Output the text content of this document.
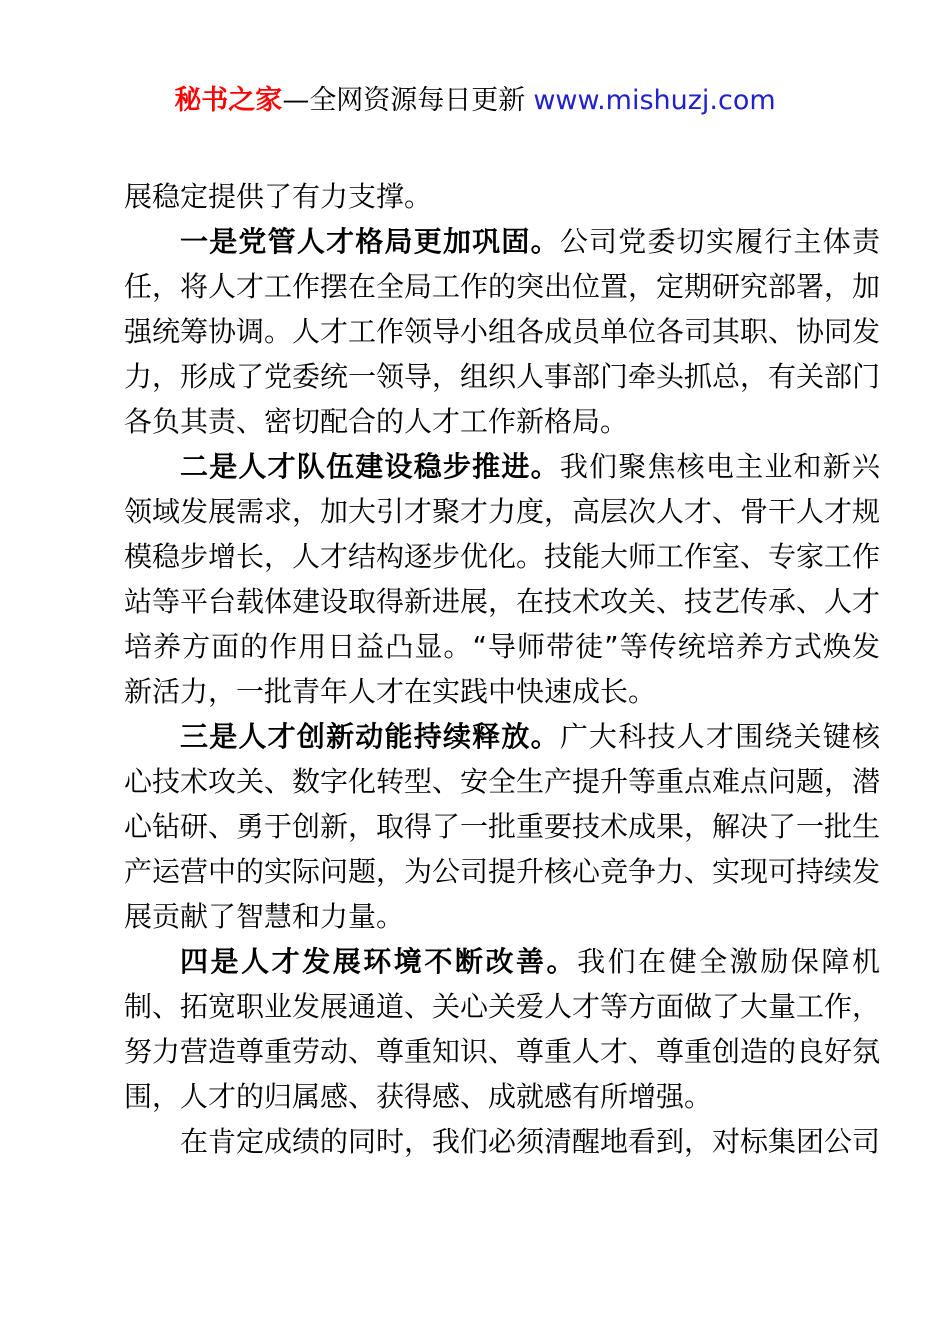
秘书之家—全网资源每日更新 www.mishuzj.com

展稳定提供了有力支撑。

一是党管人才格局更加巩固。公司党委切实履行主体责任，将人才工作摆在全局工作的突出位置，定期研究部署，加强统筹协调。人才工作领导小组各成员单位各司其职、协同发力，形成了党委统一领导，组织人事部门牵头抓总，有关部门各负其责、密切配合的人才工作新格局。

二是人才队伍建设稳步推进。我们聚焦核电主业和新兴领域发展需求，加大引才聚才力度，高层次人才、骨干人才规模稳步增长，人才结构逐步优化。技能大师工作室、专家工作站等平台载体建设取得新进展，在技术攻关、技艺传承、人才培养方面的作用日益凸显。“导师带徒”等传统培养方式焕发新活力，一批青年人才在实践中快速成长。

三是人才创新动能持续释放。广大科技人才围绕关键核心技术攻关、数字化转型、安全生产提升等重点难点问题，潜心钻研、勇于创新，取得了一批重要技术成果，解决了一批生产运营中的实际问题，为公司提升核心竞争力、实现可持续发展贡献了智慧和力量。

四是人才发展环境不断改善。我们在健全激励保障机制、拓宽职业发展通道、关心关爱人才等方面做了大量工作，努力营造尊重劳动、尊重知识、尊重人才、尊重创造的良好氛围，人才的归属感、获得感、成就感有所增强。

在肯定成绩的同时，我们必须清醒地看到，对标集团公司
